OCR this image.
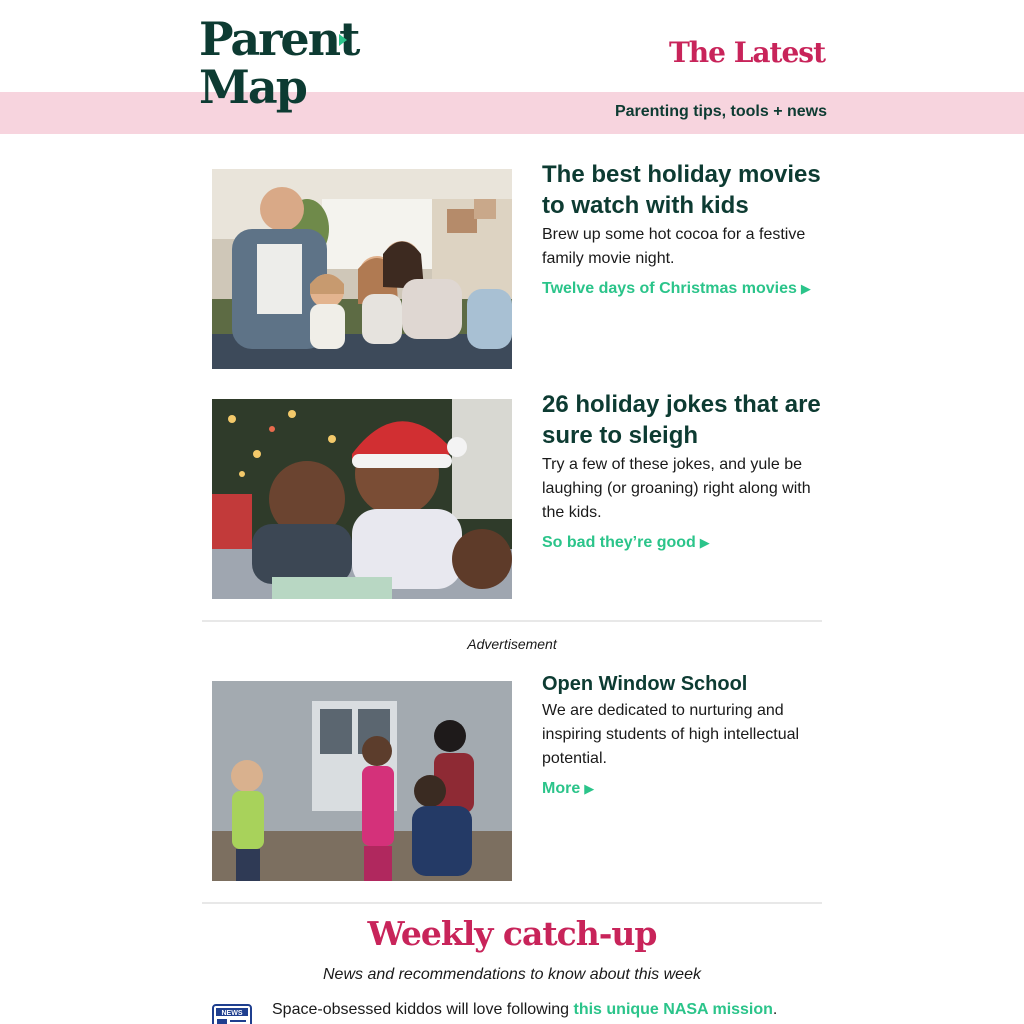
Parent
Map
The Latest
Parenting tips, tools + news
The best holiday movies to watch with kids

Brew up some hot cocoa for a festive family movie night.

Twelve days of Christmas movies ▶
26 holiday jokes that are sure to sleigh

Try a few of these jokes, and yule be laughing (or groaning) right along with the kids.

So bad they’re good ▶
Advertisement
Open Window School

We are dedicated to nurturing and inspiring students of high intellectual potential.

More ▶
Weekly catch-up
News and recommendations to know about this week
NEWS Space-obsessed kiddos will love following this unique NASA mission.
